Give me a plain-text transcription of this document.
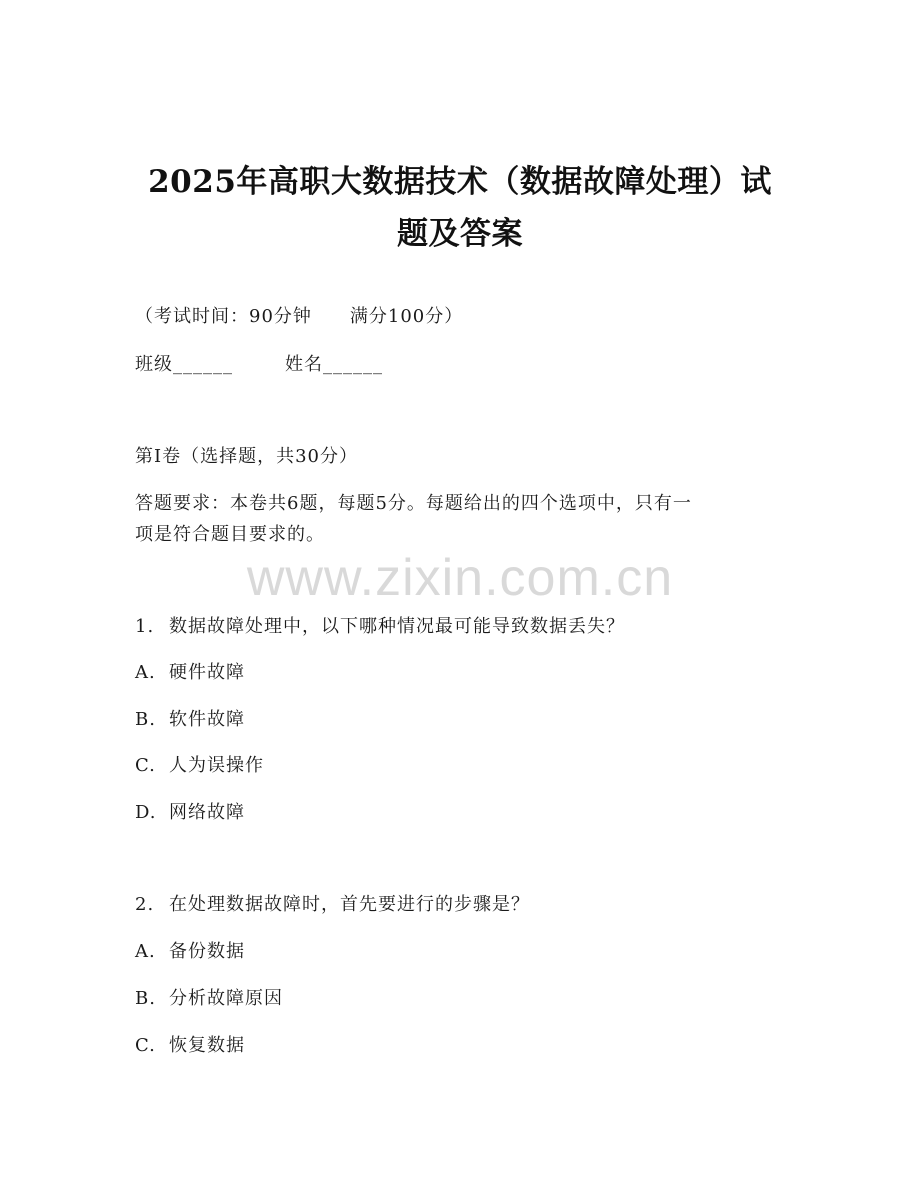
2025年高职大数据技术（数据故障处理）试
题及答案
（考试时间：90分钟　　满分100分）
班级______	姓名______
第I卷（选择题，共30分）
答题要求：本卷共6题，每题5分。每题给出的四个选项中，只有一
项是符合题目要求的。
www.zixin.com.cn
1. 数据故障处理中，以下哪种情况最可能导致数据丢失？
A. 硬件故障
B. 软件故障
C. 人为误操作
D. 网络故障
2. 在处理数据故障时，首先要进行的步骤是？
A. 备份数据
B. 分析故障原因
C. 恢复数据
